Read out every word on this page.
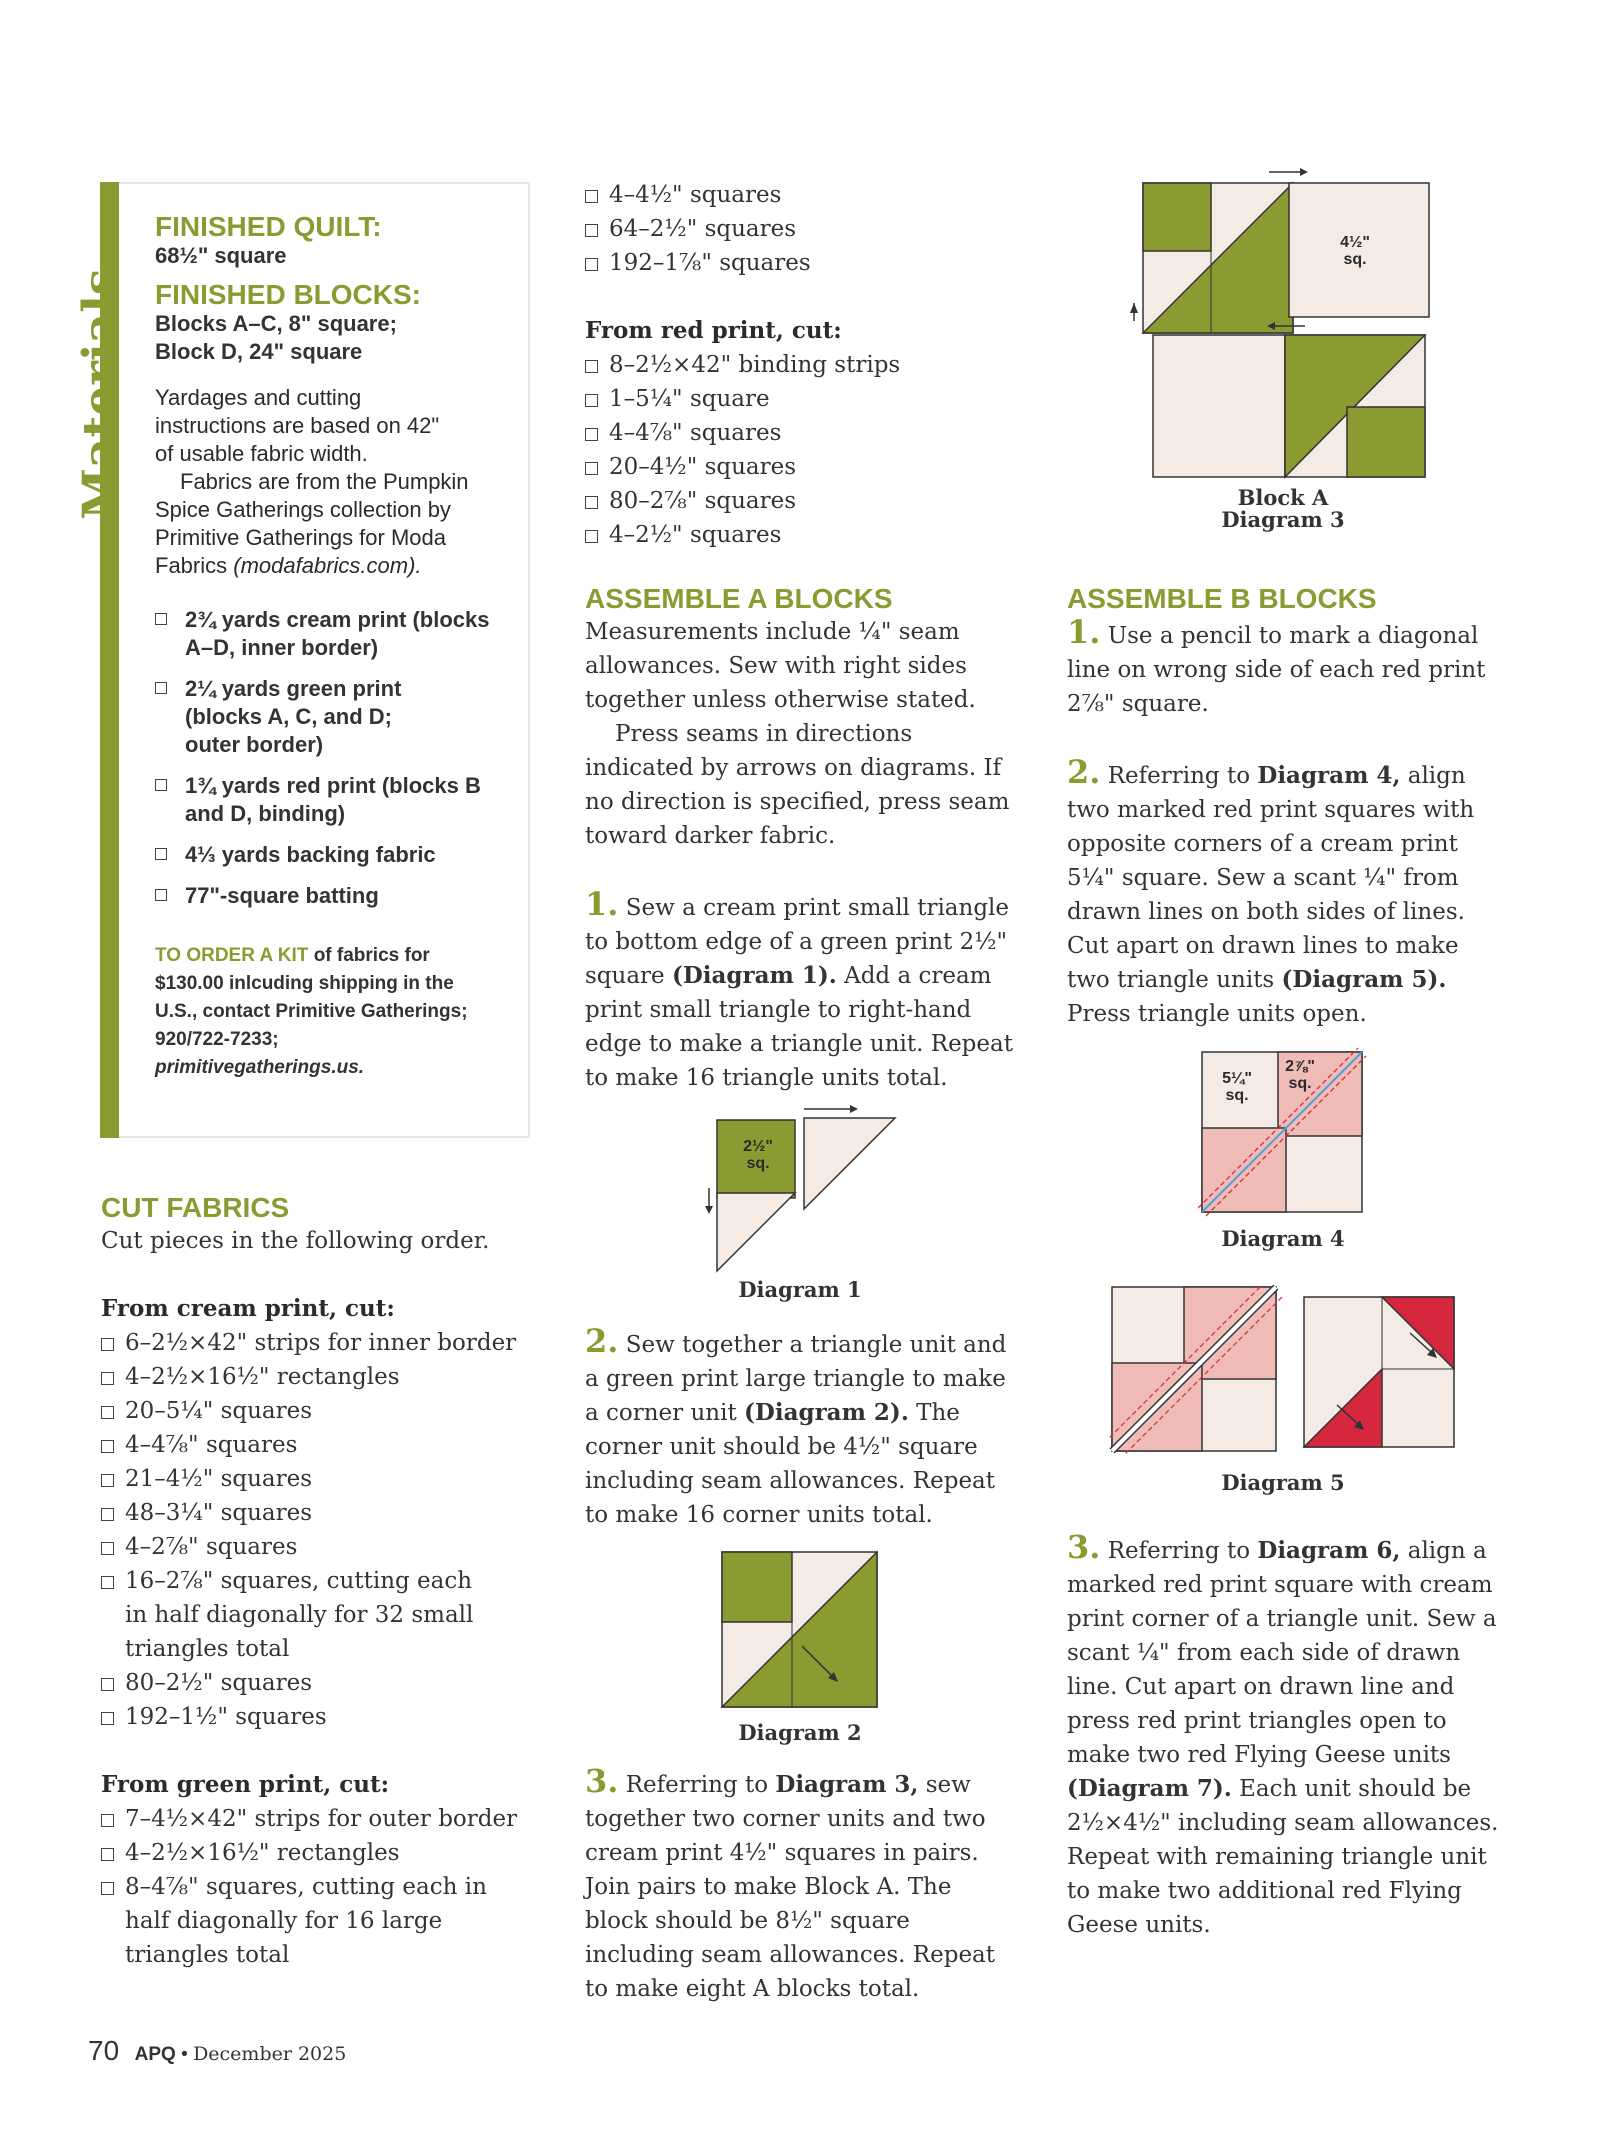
Materials
FINISHED QUILT:
68½" square
FINISHED BLOCKS:
Blocks A–C, 8" square;
Block D, 24" square
Yardages and cutting instructions are based on 42" of usable fabric width.
Fabrics are from the Pumpkin Spice Gatherings collection by Primitive Gatherings for Moda Fabrics (modafabrics.com).
2¾ yards cream print (blocks A–D, inner border)
2¼ yards green print (blocks A, C, and D; outer border)
1¾ yards red print (blocks B and D, binding)
4⅓ yards backing fabric
77"-square batting
TO ORDER A KIT of fabrics for $130.00 inlcuding shipping in the U.S., contact Primitive Gatherings; 920/722-7233; primitivegatherings.us.
CUT FABRICS
Cut pieces in the following order.
From cream print, cut:
6–2½×42" strips for inner border
4–2½×16½" rectangles
20–5¼" squares
4–4⅞" squares
21–4½" squares
48–3¼" squares
4–2⅞" squares
16–2⅞" squares, cutting each in half diagonally for 32 small triangles total
80–2½" squares
192–1½" squares
From green print, cut:
7–4½×42" strips for outer border
4–2½×16½" rectangles
8–4⅞" squares, cutting each in half diagonally for 16 large triangles total
4–4½" squares
64–2½" squares
192–1⅞" squares
From red print, cut:
8–2½×42" binding strips
1–5¼" square
4–4⅞" squares
20–4½" squares
80–2⅞" squares
4–2½" squares
ASSEMBLE A BLOCKS
Measurements include ¼" seam allowances. Sew with right sides together unless otherwise stated.
Press seams in directions indicated by arrows on diagrams. If no direction is specified, press seam toward darker fabric.
1. Sew a cream print small triangle to bottom edge of a green print 2½" square (Diagram 1). Add a cream print small triangle to right-hand edge to make a triangle unit. Repeat to make 16 triangle units total.
2½"
sq.
Diagram 1
2. Sew together a triangle unit and a green print large triangle to make a corner unit (Diagram 2). The corner unit should be 4½" square including seam allowances. Repeat to make 16 corner units total.
Diagram 2
3. Referring to Diagram 3, sew together two corner units and two cream print 4½" squares in pairs. Join pairs to make Block A. The block should be 8½" square including seam allowances. Repeat to make eight A blocks total.
4½"
sq.
Block A
Diagram 3
ASSEMBLE B BLOCKS
1. Use a pencil to mark a diagonal line on wrong side of each red print 2⅞" square.
2. Referring to Diagram 4, align two marked red print squares with opposite corners of a cream print 5¼" square. Sew a scant ¼" from drawn lines on both sides of lines. Cut apart on drawn lines to make two triangle units (Diagram 5). Press triangle units open.
5¼"
sq.
2⅞"
sq.
Diagram 4
Diagram 5
3. Referring to Diagram 6, align a marked red print square with cream print corner of a triangle unit. Sew a scant ¼" from each side of drawn line. Cut apart on drawn line and press red print triangles open to make two red Flying Geese units (Diagram 7). Each unit should be 2½×4½" including seam allowances. Repeat with remaining triangle unit to make two additional red Flying Geese units.
70 APQ • December 2025
